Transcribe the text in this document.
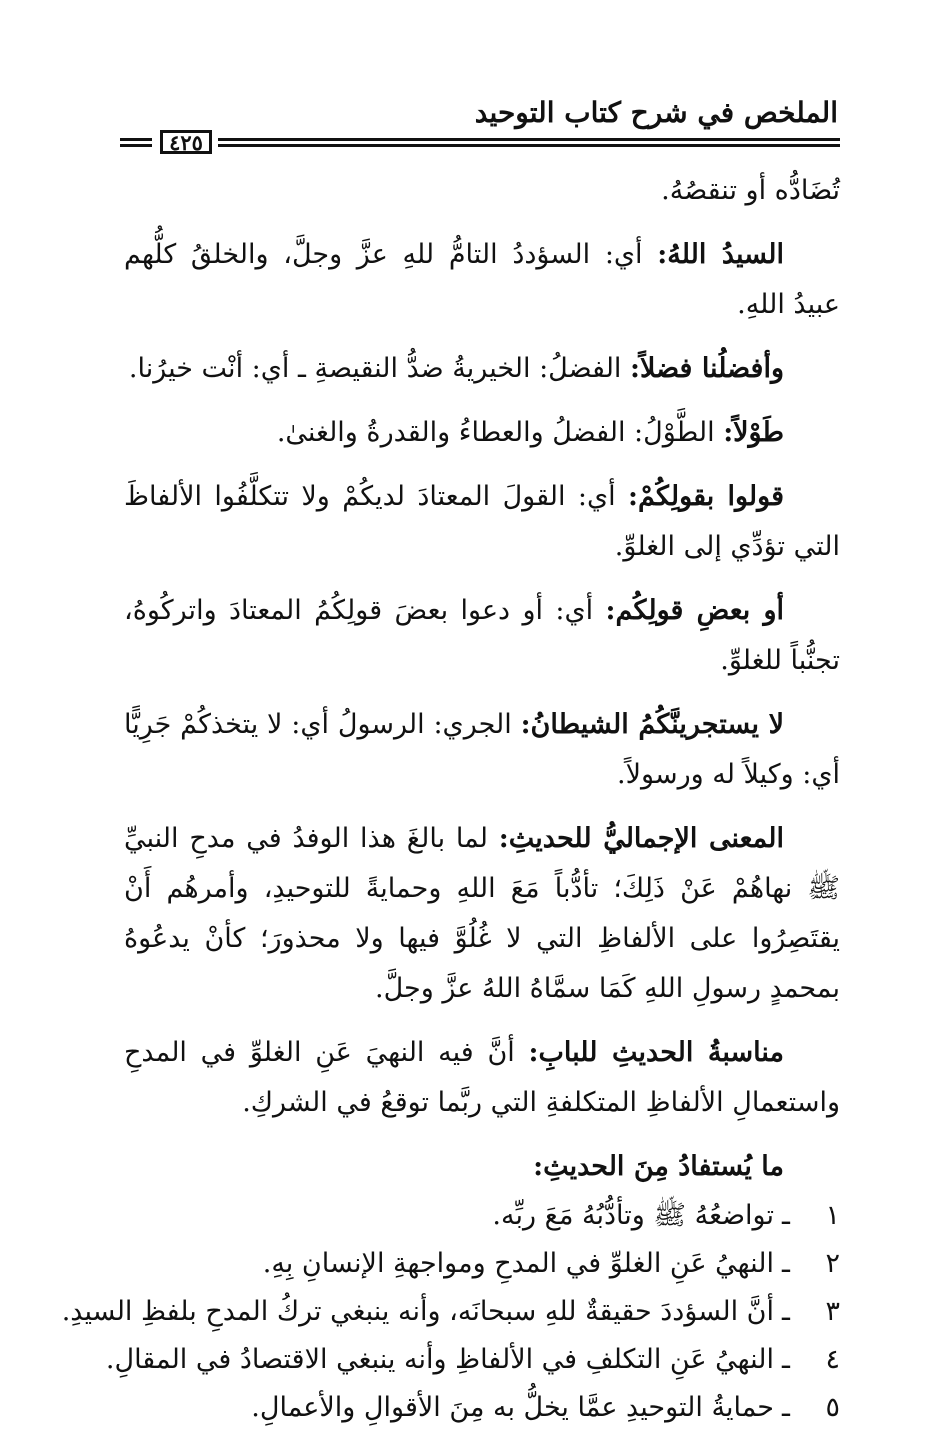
الملخص في شرح كتاب التوحيد
٤٢٥

تُضَادُّه أو تنقصُهُ.

السيدُ اللهُ: أي: السؤددُ التامُّ للهِ عزَّ وجلَّ، والخلقُ كلُّهم عبيدُ اللهِ.

وأفضلُنا فضلاً: الفضلُ: الخيريةُ ضدُّ النقيصةِ ـ أي: أنْت خيرُنا.

طَوْلاً: الطَّوْلُ: الفضلُ والعطاءُ والقدرةُ والغنىٰ.

قولوا بقولِكُمْ: أي: القولَ المعتادَ لديكُمْ ولا تتكلَّفُوا الألفاظَ التي تؤدِّي إلى الغلوِّ.

أو بعضِ قولِكُم: أي: أو دعوا بعضَ قولِكُمُ المعتادَ واتركُوهُ، تجنُّباً للغلوِّ.

لا يستجرينَّكُمُ الشيطانُ: الجري: الرسولُ أي: لا يتخذكُمْ جَرِيًّا أي: وكيلاً له ورسولاً.

المعنى الإجماليُّ للحديثِ: لما بالغَ هذا الوفدُ في مدحِ النبيِّ ﷺ نهاهُمْ عَنْ ذَلِكَ؛ تأدُّباً مَعَ اللهِ وحمايةً للتوحيدِ، وأمرهُم أَنْ يقتَصِرُوا على الألفاظِ التي لا غُلُوَّ فيها ولا محذورَ؛ كأنْ يدعُوهُ بمحمدٍ رسولِ اللهِ كَمَا سمَّاهُ اللهُ عزَّ وجلَّ.

مناسبةُ الحديثِ للبابِ: أنَّ فيه النهيَ عَنِ الغلوِّ في المدحِ واستعمالِ الألفاظِ المتكلفةِ التي ربَّما توقعُ في الشركِ.

ما يُستفادُ مِنَ الحديثِ:
١ـتواضعُهُ ﷺ وتأدُّبُهُ مَعَ ربِّه.
٢ـالنهيُ عَنِ الغلوِّ في المدحِ ومواجهةِ الإنسانِ بِهِ.
٣ـأنَّ السؤددَ حقيقةٌ للهِ سبحانَه، وأنه ينبغي تركُ المدحِ بلفظِ السيدِ.
٤ـالنهيُ عَنِ التكلفِ في الألفاظِ وأنه ينبغي الاقتصادُ في المقالِ.
٥ـحمايةُ التوحيدِ عمَّا يخلُّ به مِنَ الأقوالِ والأعمالِ.
